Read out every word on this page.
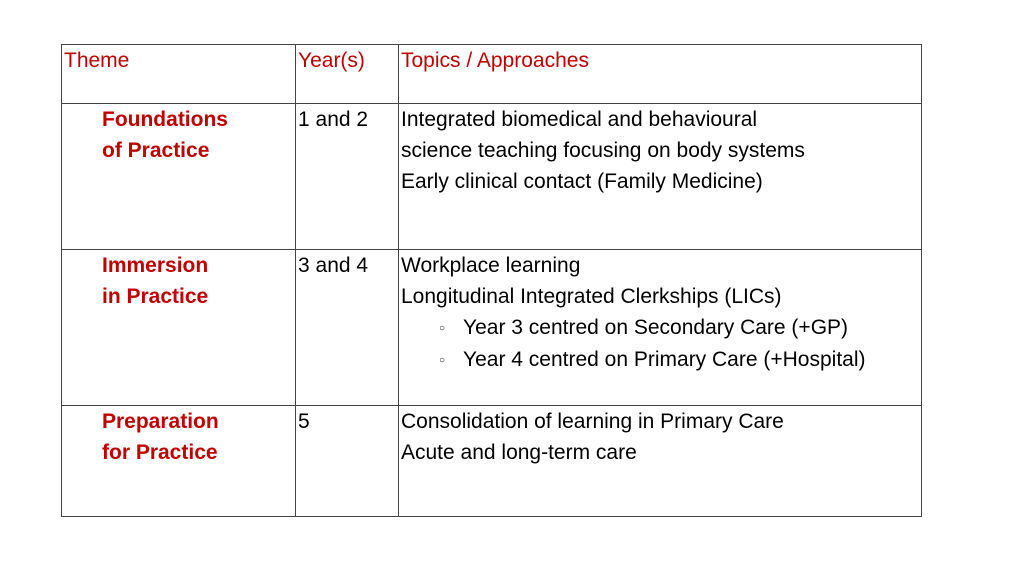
Theme	Year(s)	Topics / Approaches

Foundations
of Practice	1 and 2	Integrated biomedical and behavioural
science teaching focusing on body systems
Early clinical contact (Family Medicine)

Immersion
in Practice	3 and 4	Workplace learning
Longitudinal Integrated Clerkships (LICs)
○ Year 3 centred on Secondary Care (+GP)
○ Year 4 centred on Primary Care (+Hospital)

Preparation
for Practice	5	Consolidation of learning in Primary Care
Acute and long-term care
